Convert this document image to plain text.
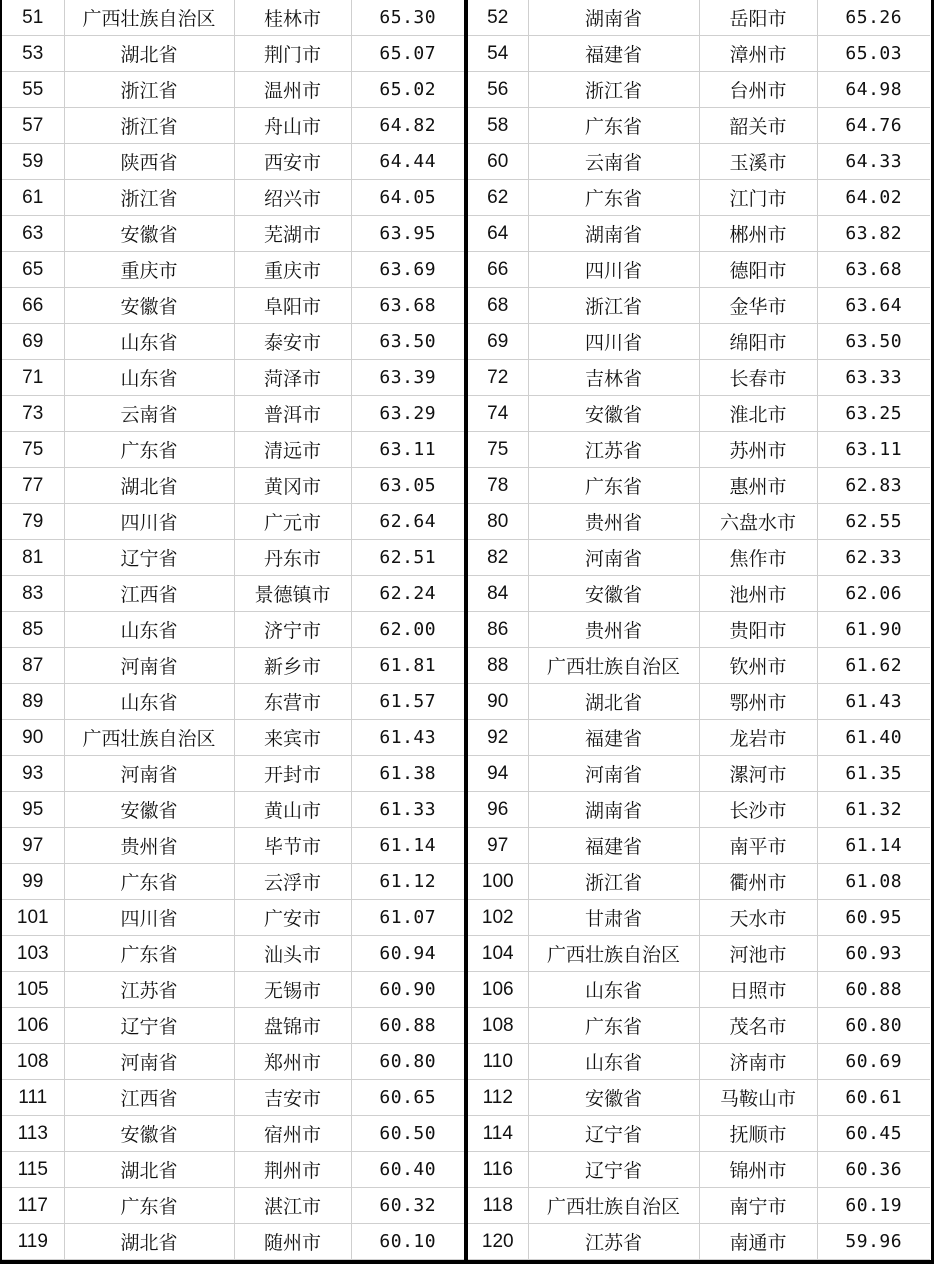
51	广西壮族自治区	桂林市	65.30
53	湖北省	荆门市	65.07
55	浙江省	温州市	65.02
57	浙江省	舟山市	64.82
59	陕西省	西安市	64.44
61	浙江省	绍兴市	64.05
63	安徽省	芜湖市	63.95
65	重庆市	重庆市	63.69
66	安徽省	阜阳市	63.68
69	山东省	泰安市	63.50
71	山东省	菏泽市	63.39
73	云南省	普洱市	63.29
75	广东省	清远市	63.11
77	湖北省	黄冈市	63.05
79	四川省	广元市	62.64
81	辽宁省	丹东市	62.51
83	江西省	景德镇市	62.24
85	山东省	济宁市	62.00
87	河南省	新乡市	61.81
89	山东省	东营市	61.57
90	广西壮族自治区	来宾市	61.43
93	河南省	开封市	61.38
95	安徽省	黄山市	61.33
97	贵州省	毕节市	61.14
99	广东省	云浮市	61.12
101	四川省	广安市	61.07
103	广东省	汕头市	60.94
105	江苏省	无锡市	60.90
106	辽宁省	盘锦市	60.88
108	河南省	郑州市	60.80
111	江西省	吉安市	60.65
113	安徽省	宿州市	60.50
115	湖北省	荆州市	60.40
117	广东省	湛江市	60.32
119	湖北省	随州市	60.10
52	湖南省	岳阳市	65.26
54	福建省	漳州市	65.03
56	浙江省	台州市	64.98
58	广东省	韶关市	64.76
60	云南省	玉溪市	64.33
62	广东省	江门市	64.02
64	湖南省	郴州市	63.82
66	四川省	德阳市	63.68
68	浙江省	金华市	63.64
69	四川省	绵阳市	63.50
72	吉林省	长春市	63.33
74	安徽省	淮北市	63.25
75	江苏省	苏州市	63.11
78	广东省	惠州市	62.83
80	贵州省	六盘水市	62.55
82	河南省	焦作市	62.33
84	安徽省	池州市	62.06
86	贵州省	贵阳市	61.90
88	广西壮族自治区	钦州市	61.62
90	湖北省	鄂州市	61.43
92	福建省	龙岩市	61.40
94	河南省	漯河市	61.35
96	湖南省	长沙市	61.32
97	福建省	南平市	61.14
100	浙江省	衢州市	61.08
102	甘肃省	天水市	60.95
104	广西壮族自治区	河池市	60.93
106	山东省	日照市	60.88
108	广东省	茂名市	60.80
110	山东省	济南市	60.69
112	安徽省	马鞍山市	60.61
114	辽宁省	抚顺市	60.45
116	辽宁省	锦州市	60.36
118	广西壮族自治区	南宁市	60.19
120	江苏省	南通市	59.96
